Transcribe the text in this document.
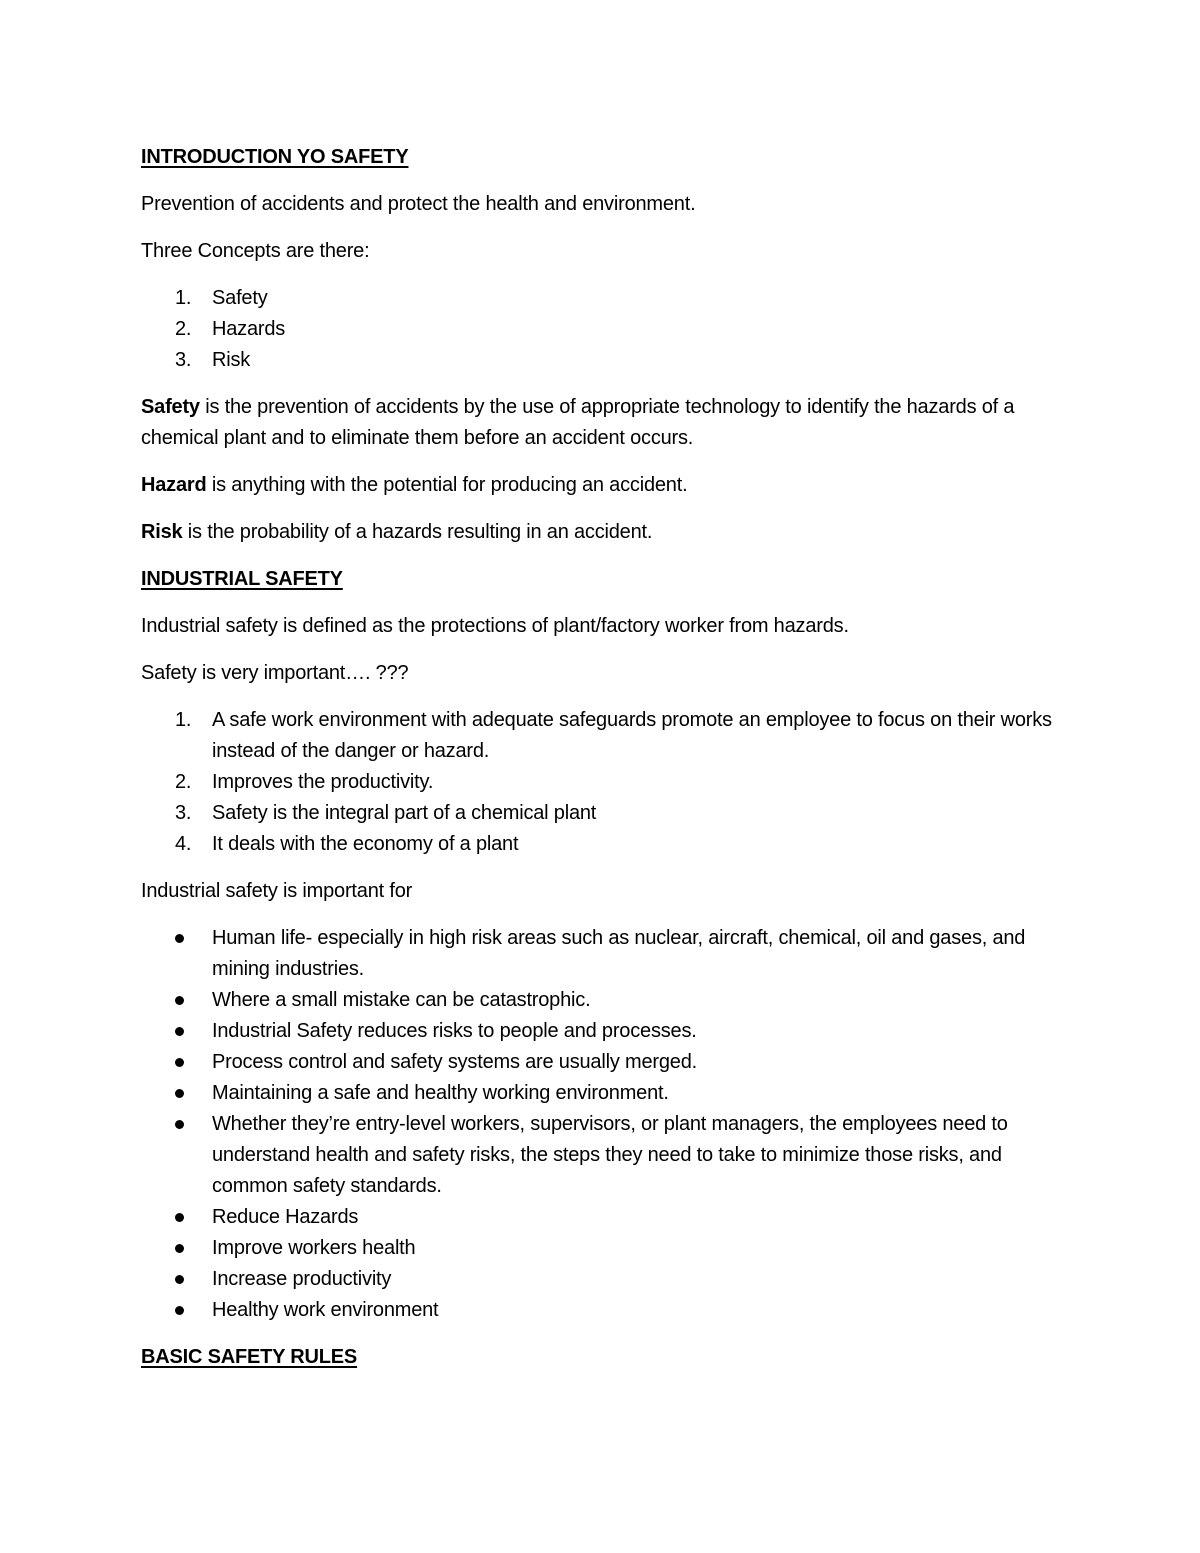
INTRODUCTION YO SAFETY
Prevention of accidents and protect the health and environment.
Three Concepts are there:
1. Safety
2. Hazards
3. Risk
Safety is the prevention of accidents by the use of appropriate technology to identify the hazards of a chemical plant and to eliminate them before an accident occurs.
Hazard is anything with the potential for producing an accident.
Risk is the probability of a hazards resulting in an accident.
INDUSTRIAL SAFETY
Industrial safety is defined as the protections of plant/factory worker from hazards.
Safety is very important…. ???
1. A safe work environment with adequate safeguards promote an employee to focus on their works instead of the danger or hazard.
2. Improves the productivity.
3. Safety is the integral part of a chemical plant
4. It deals with the economy of a plant
Industrial safety is important for
Human life- especially in high risk areas such as nuclear, aircraft, chemical, oil and gases, and mining industries.
Where a small mistake can be catastrophic.
Industrial Safety reduces risks to people and processes.
Process control and safety systems are usually merged.
Maintaining a safe and healthy working environment.
Whether they’re entry-level workers, supervisors, or plant managers, the employees need to understand health and safety risks, the steps they need to take to minimize those risks, and common safety standards.
Reduce Hazards
Improve workers health
Increase productivity
Healthy work environment
BASIC SAFETY RULES
